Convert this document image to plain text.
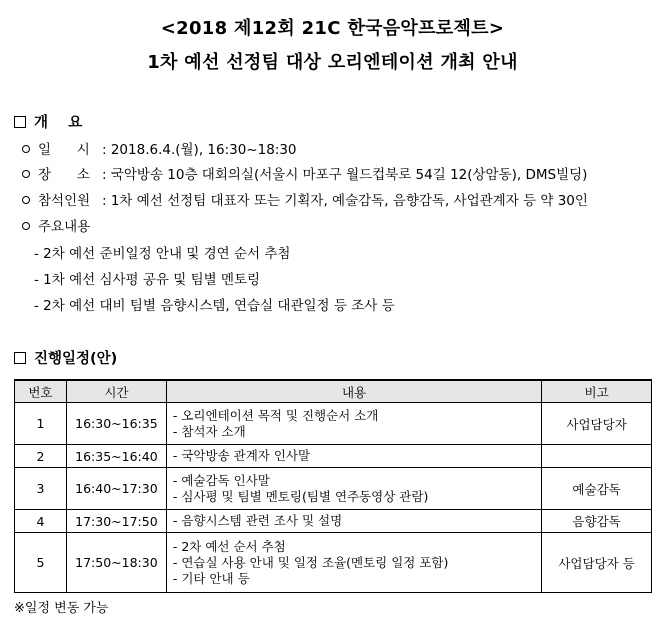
<2018 제12회 21C 한국음악프로젝트>
1차 예선 선정팀 대상 오리엔테이션 개최 안내
개    요
일      시 : 2018.6.4.(월), 16:30~18:30
장      소 : 국악방송 10층 대회의실(서울시 마포구 월드컵북로 54길 12(상암동), DMS빌딩)
참석인원 : 1차 예선 선정팀 대표자 또는 기획자, 예술감독, 음향감독, 사업관계자 등 약 30인
주요내용
- 2차 예선 준비일정 안내 및 경연 순서 추첨
- 1차 예선 심사평 공유 및 팀별 멘토링
- 2차 예선 대비 팀별 음향시스템, 연습실 대관일정 등 조사 등
진행일정(안)
번호	시간	내용	비고
1	16:30~16:35	- 오리엔테이션 목적 및 진행순서 소개
- 참석자 소개	사업담당자
2	16:35~16:40	- 국악방송 관계자 인사말	

3	16:40~17:30	- 예술감독 인사말
- 심사평 및 팀별 멘토링(팀별 연주동영상 관람)	예술감독
4	17:30~17:50	- 음향시스템 관련 조사 및 설명	음향감독
5	17:50~18:30	- 2차 예선 순서 추첨
- 연습실 사용 안내 및 일정 조율(멘토링 일정 포함)
- 기타 안내 등	사업담당자 등
※일정 변동 가능
